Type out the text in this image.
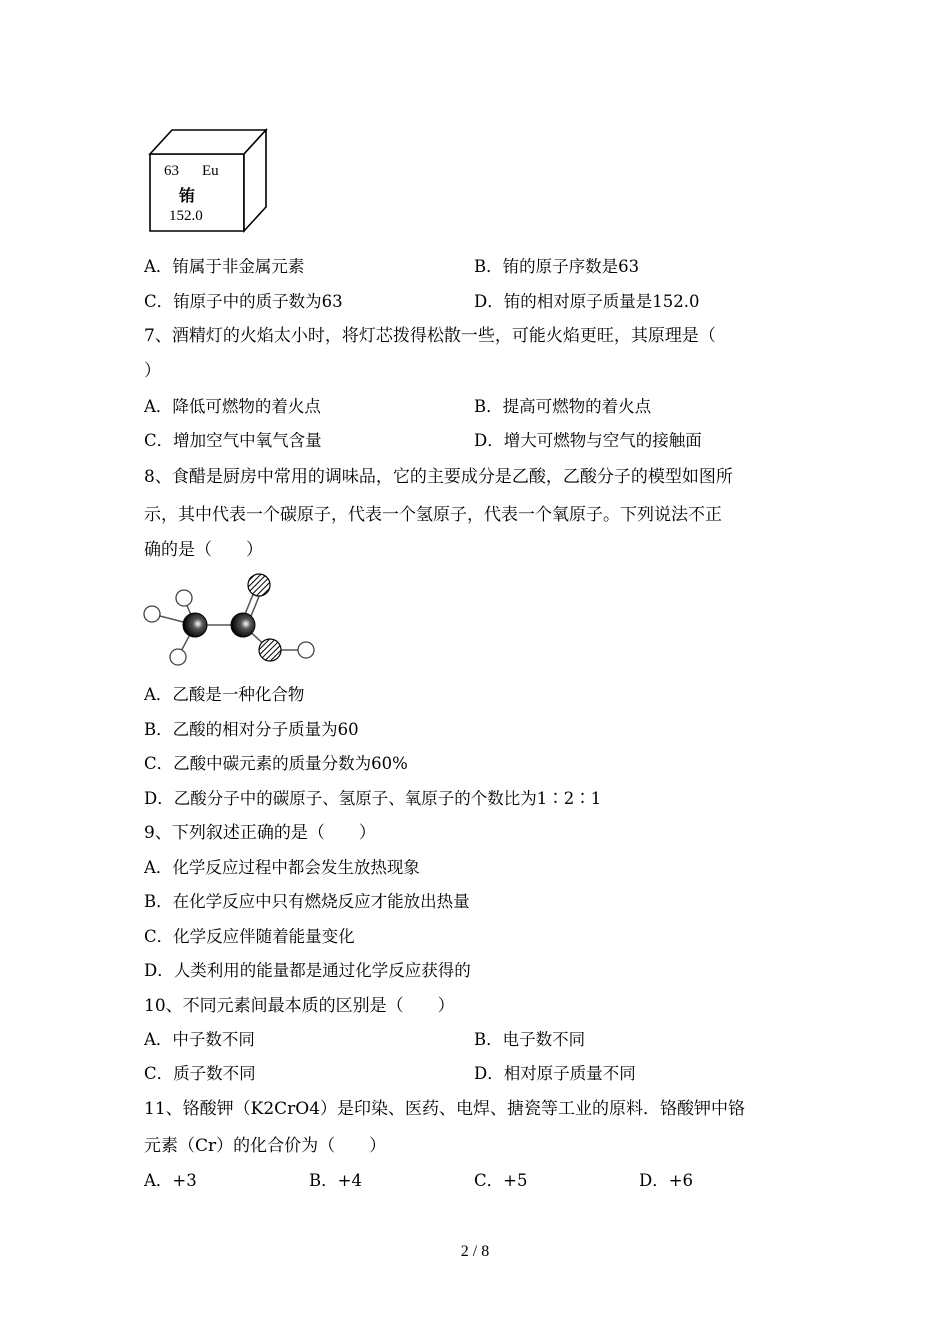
63 Eu
铕
152.0
A．铕属于非金属元素	B．铕的原子序数是63
C．铕原子中的质子数为63	D．铕的相对原子质量是152.0
7、酒精灯的火焰太小时，将灯芯拨得松散一些，可能火焰更旺，其原理是（
）
A．降低可燃物的着火点	B．提高可燃物的着火点
C．增加空气中氧气含量	D．增大可燃物与空气的接触面
8、食醋是厨房中常用的调味品，它的主要成分是乙酸，乙酸分子的模型如图所
示，其中代表一个碳原子，代表一个氢原子，代表一个氧原子。下列说法不正
确的是（　　）
A．乙酸是一种化合物
B．乙酸的相对分子质量为60
C．乙酸中碳元素的质量分数为60%
D．乙酸分子中的碳原子、氢原子、氧原子的个数比为1∶2∶1
9、下列叙述正确的是（　　）
A．化学反应过程中都会发生放热现象
B．在化学反应中只有燃烧反应才能放出热量
C．化学反应伴随着能量变化
D．人类利用的能量都是通过化学反应获得的
10、不同元素间最本质的区别是（　　）
A．中子数不同	B．电子数不同
C．质子数不同	D．相对原子质量不同
11、铬酸钾（K2CrO4）是印染、医药、电焊、搪瓷等工业的原料．铬酸钾中铬
元素（Cr）的化合价为（　　）
A．+3	B．+4	C．+5	D．+6
2 / 8
